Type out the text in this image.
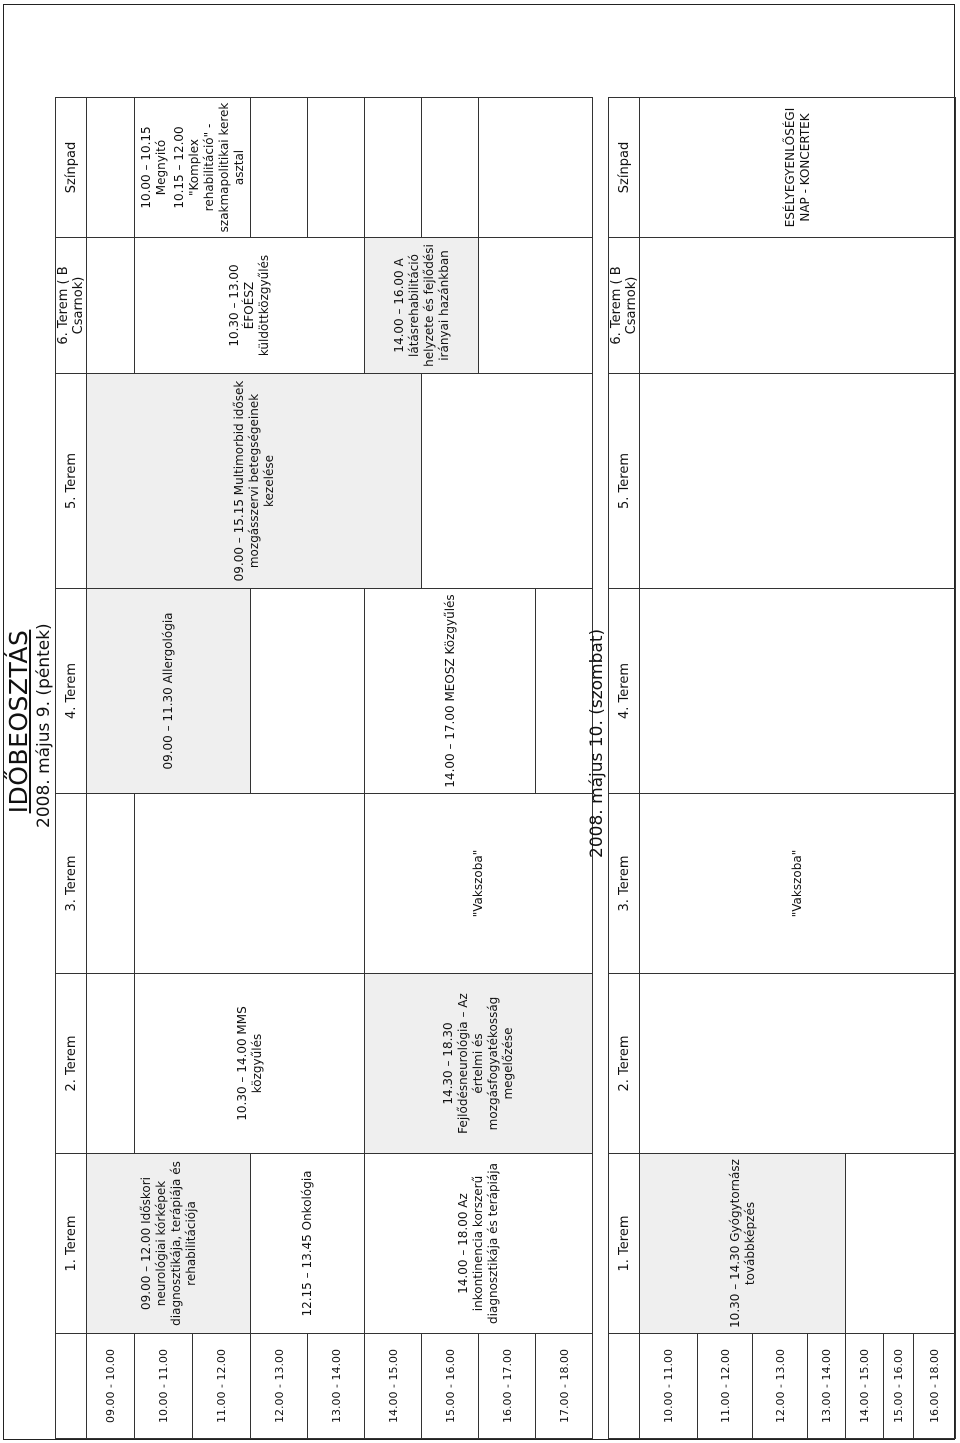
IDŐBEOSZTÁS 2008. május 9. (péntek)
	1. Terem	2. Terem	3. Terem	4. Terem	5. Terem	6. Terem ( B Csarnok)	Színpad
09.00 - 10.00	09.00 – 12.00 Időskori neurológiai kórképek diagnosztikája, terápiája és rehabilitációja			09.00 – 11.30 Allergológia	09.00 – 15.15 Multimorbid idősek mozgásszervi betegségeinek kezelése		
10.00 - 11.00		10.30 – 14.00 MMS közgyűlés				10.30 – 13.00 ÉFOÉSZ küldöttközgyűlés	10.00 – 10.15 Megnyitó 10.15 – 12.00 "Komplex rehabilitáció" - szakmapolitikai kerek asztal

11.00 - 12.00							
12.00 - 13.00	12.15 – 13.45 Onkológia						
13.00 - 14.00							
14.00 - 15.00	14.00 – 18.00 Az inkontinencia korszerű diagnosztikája és terápiája	14.30 – 18.30 Fejlődésneurológia – Az értelmi és mozgásfogyatékosság megelőzése	"Vakszoba"	14.00 – 17.00 MEOSZ Közgyűlés		14.00 – 16.00 A látásrehabilitáció helyzete és fejlődési irányai hazánkban	
15.00 - 16.00							
16.00 - 17.00							
17.00 - 18.00							
2008. május 10. (szombat)
	1. Terem	2. Terem	3. Terem	4. Terem	5. Terem	6. Terem ( B Csarnok)	Színpad
10.00 - 11.00	10.30 – 14.30 Gyógytornász továbbképzés		"Vakszoba"				ESÉLYEGYENLŐSÉGI NAP - KONCERTEK
11.00 - 12.00							
12.00 - 13.00							
13.00 - 14.00							
14.00 - 15.00							
15.00 - 16.00							
16.00 - 18.00							
